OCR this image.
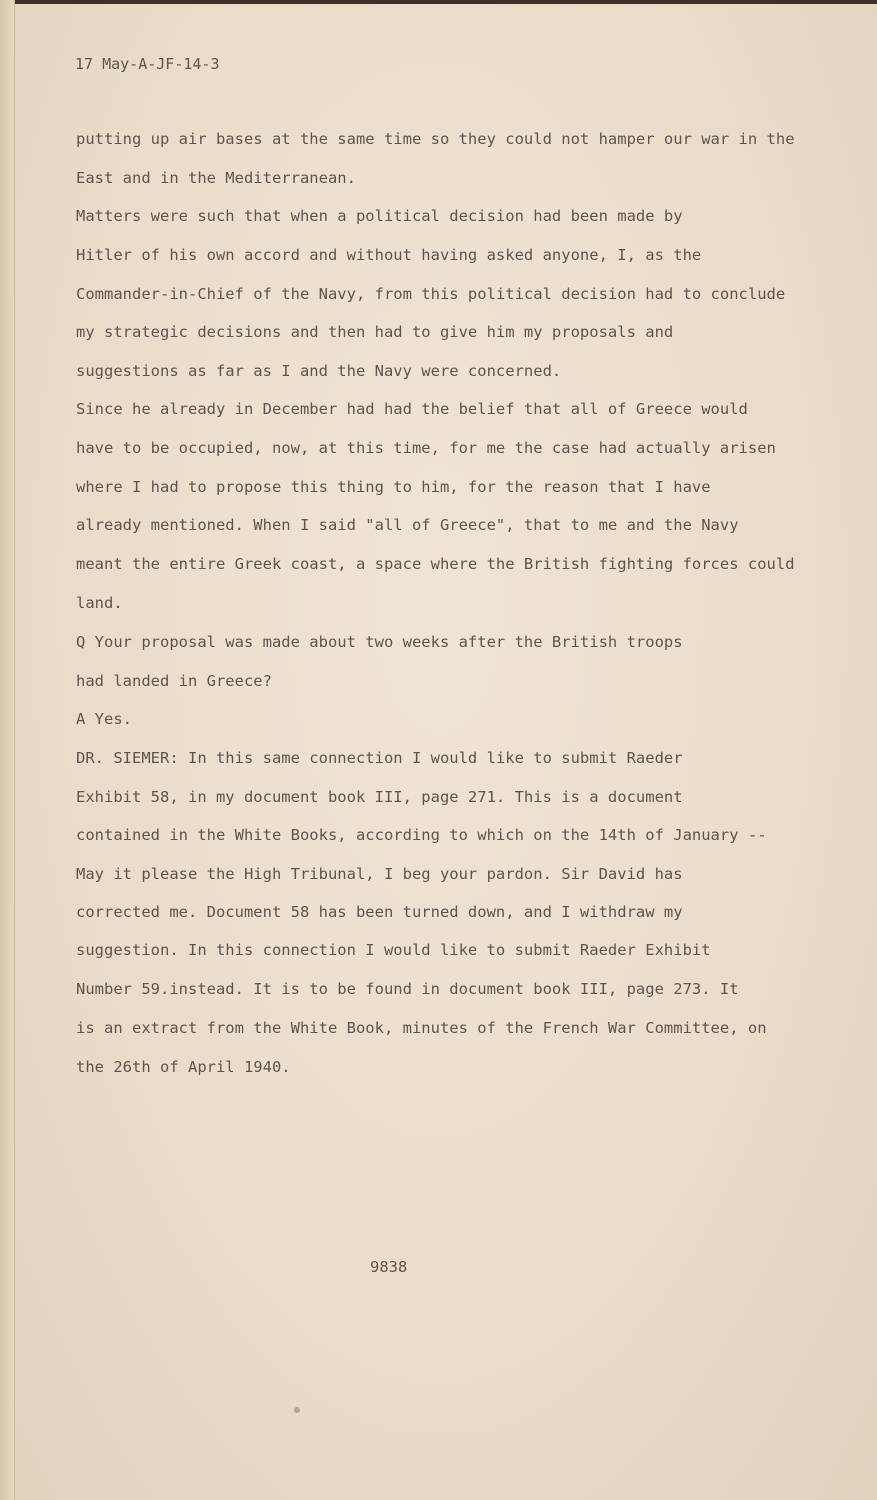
17 May-A-JF-14-3

putting up air bases at the same time so they could not hamper our war in the

East and in the Mediterranean.

Matters were such that when a political decision had been made by

Hitler of his own accord and without having asked anyone, I, as the

Commander-in-Chief of the Navy, from this political decision had to conclude

my strategic decisions and then had to give him my proposals and

suggestions as far as I and the Navy were concerned.

Since he already in December had had the belief that all of Greece would

have to be occupied, now, at this time, for me the case had actually arisen

where I had to propose this thing to him, for the reason that I have

already mentioned. When I said "all of Greece", that to me and the Navy

meant the entire Greek coast, a space where the British fighting forces could

land.

Q Your proposal was made about two weeks after the British troops

had landed in Greece?

A Yes.

DR. SIEMER: In this same connection I would like to submit Raeder

Exhibit 58, in my document book III, page 271. This is a document

contained in the White Books, according to which on the 14th of January --

May it please the High Tribunal, I beg your pardon. Sir David has

corrected me. Document 58 has been turned down, and I withdraw my

suggestion. In this connection I would like to submit Raeder Exhibit

Number 59.instead. It is to be found in document book III, page 273. It

is an extract from the White Book, minutes of the French War Committee, on

the 26th of April 1940.

9838
